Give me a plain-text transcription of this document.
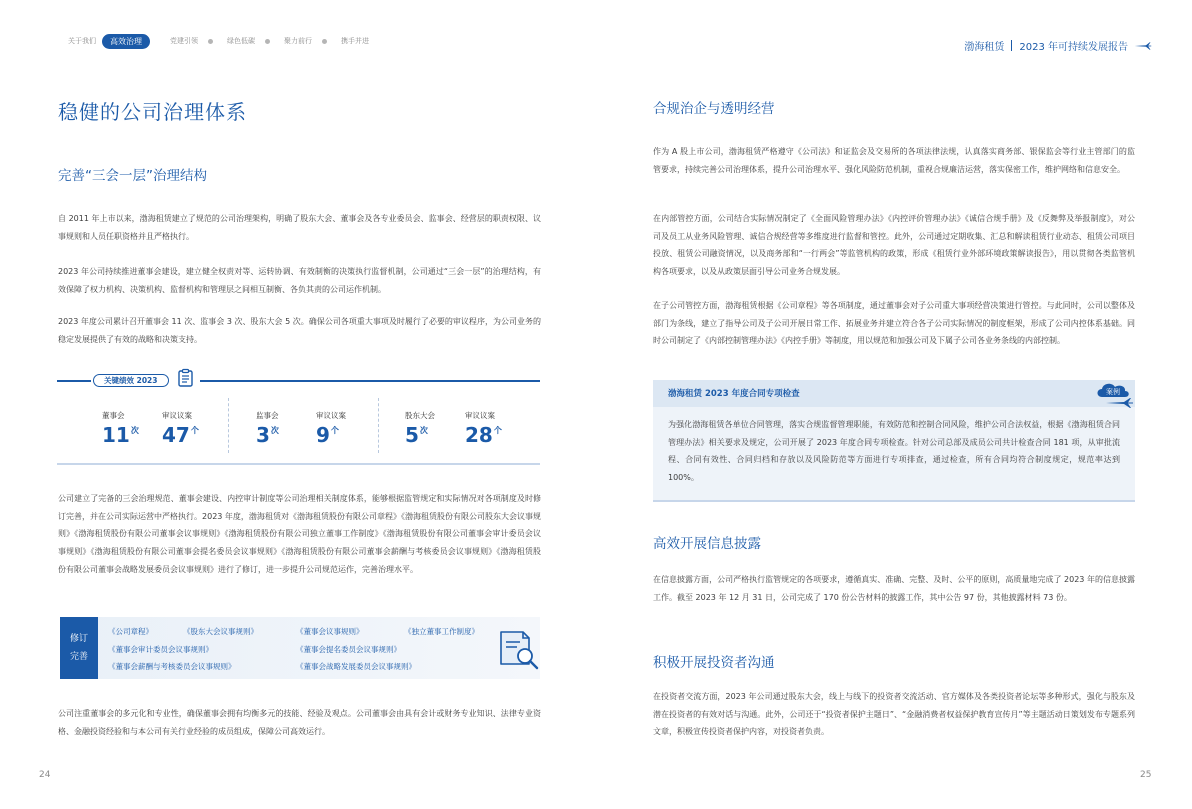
关于我们 高效治理	党建引领	绿色低碳	聚力前行	携手并进
渤海租赁 2023 年可持续发展报告
稳健的公司治理体系
完善“三会一层”治理结构

自 2011 年上市以来，渤海租赁建立了规范的公司治理架构，明确了股东大会、董事会及各专业委员会、监事会、经营层的职责权限、议事规则和人员任职资格并且严格执行。

2023 年公司持续推进董事会建设，建立健全权责对等、运转协调、有效制衡的决策执行监督机制，公司通过“三会一层”的治理结构，有效保障了权力机构、决策机构、监督机构和管理层之间相互制衡、各负其责的公司运作机制。

2023 年度公司累计召开董事会 11 次、监事会 3 次、股东大会 5 次。确保公司各项重大事项及时履行了必要的审议程序，为公司业务的稳定发展提供了有效的战略和决策支持。

关键绩效 2023
董事会
$11^次$
审议议案
$47^个$
监事会
$3^次$
审议议案
$9^个$
股东大会
$5^次$
审议议案
$28^个$

公司建立了完备的三会治理规范、董事会建设、内控审计制度等公司治理相关制度体系，能够根据监管规定和实际情况对各项制度及时修订完善，并在公司实际运营中严格执行。2023 年度，渤海租赁对《渤海租赁股份有限公司章程》《渤海租赁股份有限公司股东大会议事规则》《渤海租赁股份有限公司董事会议事规则》《渤海租赁股份有限公司独立董事工作制度》《渤海租赁股份有限公司董事会审计委员会议事规则》《渤海租赁股份有限公司董事会提名委员会议事规则》《渤海租赁股份有限公司董事会薪酬与考核委员会议事规则》《渤海租赁股份有限公司董事会战略发展委员会议事规则》进行了修订，进一步提升公司规范运作，完善治理水平。

修订
完善
《公司章程》	《股东大会议事规则》	《董事会议事规则》	《独立董事工作制度》
《董事会审计委员会议事规则》	《董事会提名委员会议事规则》
《董事会薪酬与考核委员会议事规则》	《董事会战略发展委员会议事规则》

公司注重董事会的多元化和专业性，确保董事会拥有均衡多元的技能、经验及观点。公司董事会由具有会计或财务专业知识、法律专业资格、金融投资经验和与本公司有关行业经验的成员组成，保障公司高效运行。

24
合规治企与透明经营

作为 A 股上市公司，渤海租赁严格遵守《公司法》和证监会及交易所的各项法律法规，认真落实商务部、银保监会等行业主管部门的监管要求，持续完善公司治理体系，提升公司治理水平、强化风险防范机制，重视合规廉洁运营，落实保密工作，维护网络和信息安全。

在内部管控方面，公司结合实际情况制定了《全面风险管理办法》《内控评价管理办法》《诚信合规手册》及《反舞弊及举报制度》，对公司及员工从业务风险管理、诚信合规经营等多维度进行监督和管控。此外，公司通过定期收集、汇总和解读租赁行业动态、租赁公司项目投放、租赁公司融资情况，以及商务部和“一行两会”等监管机构的政策，形成《租赁行业外部环境政策解读报告》，用以贯彻各类监管机构各项要求，以及从政策层面引导公司业务合规发展。

在子公司管控方面，渤海租赁根据《公司章程》等各项制度，通过董事会对子公司重大事项经营决策进行管控。与此同时，公司以整体及部门为条线，建立了指导公司及子公司开展日常工作、拓展业务并建立符合各子公司实际情况的制度框架，形成了公司内控体系基础。同时公司制定了《内部控制管理办法》《内控手册》等制度，用以规范和加强公司及下属子公司各业务条线的内部控制。

渤海租赁 2023 年度合同专项检查	案例

为强化渤海租赁各单位合同管理，落实合规监督管理职能，有效防范和控制合同风险，维护公司合法权益，根据《渤海租赁合同管理办法》相关要求及规定，公司开展了 2023 年度合同专项检查。针对公司总部及成员公司共计检查合同 181 项，从审批流程、合同有效性、合同归档和存放以及风险防范等方面进行专项排查，通过检查，所有合同均符合制度规定，规范率达到 100%。

高效开展信息披露

在信息披露方面，公司严格执行监管规定的各项要求，遵循真实、准确、完整、及时、公平的原则，高质量地完成了 2023 年的信息披露工作。截至 2023 年 12 月 31 日，公司完成了 170 份公告材料的披露工作，其中公告 97 份，其他披露材料 73 份。

积极开展投资者沟通

在投资者交流方面，2023 年公司通过股东大会，线上与线下的投资者交流活动、官方媒体及各类投资者论坛等多种形式，强化与股东及潜在投资者的有效对话与沟通。此外，公司还于“投资者保护主题日”、“金融消费者权益保护教育宣传月”等主题活动日策划发布专题系列文章，积极宣传投资者保护内容，对投资者负责。

25
